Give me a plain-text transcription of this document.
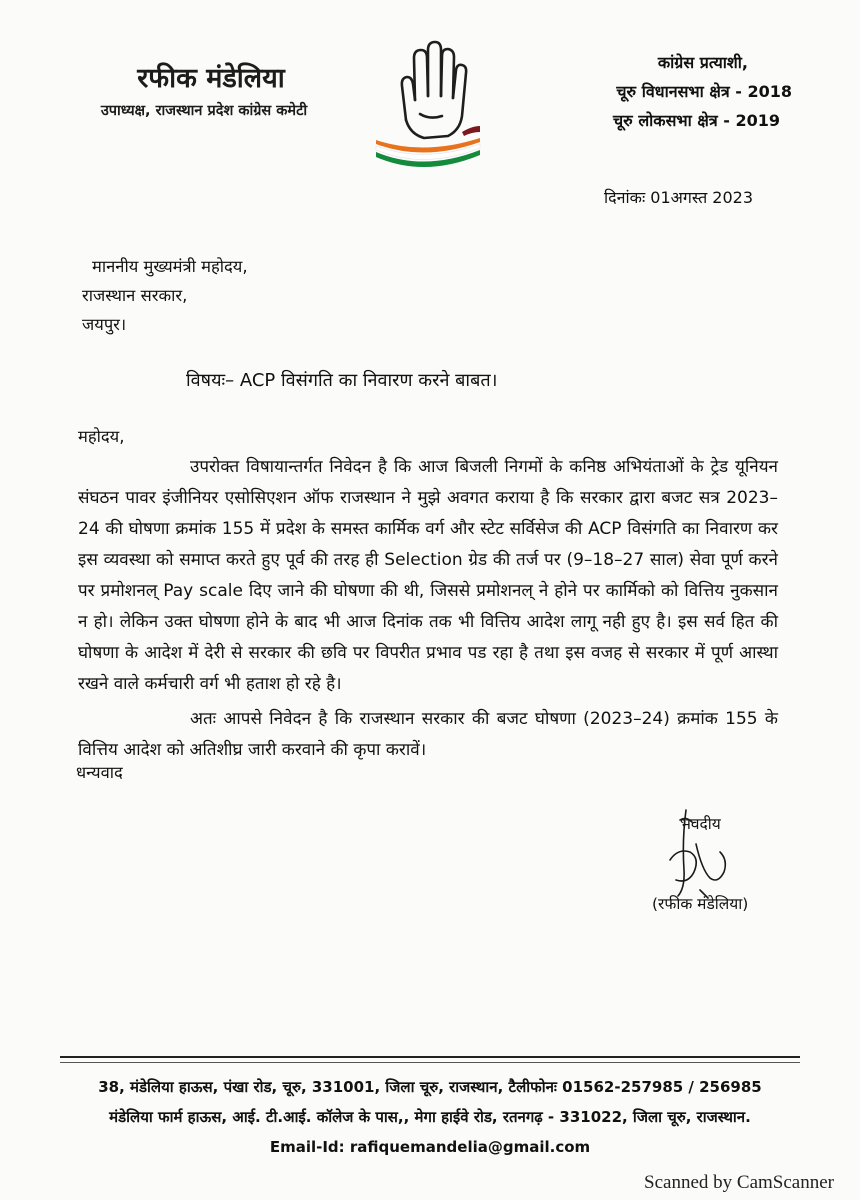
रफीक मंडेलिया
उपाध्यक्ष, राजस्थान प्रदेश कांग्रेस कमेटी
कांग्रेस प्रत्याशी,
चूरु विधानसभा क्षेत्र - 2018
चूरु लोकसभा क्षेत्र - 2019
दिनांकः 01अगस्त 2023
माननीय मुख्यमंत्री महोदय,
राजस्थान सरकार,
जयपुर।
विषयः– ACP विसंगति का निवारण करने बाबत।
महोदय,
उपरोक्त विषायान्तर्गत निवेदन है कि आज बिजली निगमों के कनिष्ठ अभियंताओं के ट्रेड यूनियन संघठन पावर इंजीनियर एसोसिएशन ऑफ राजस्थान ने मुझे अवगत कराया है कि सरकार द्वारा बजट सत्र 2023–24 की घोषणा क्रमांक 155 में प्रदेश के समस्त कार्मिक वर्ग और स्टेट सर्विसेज की ACP विसंगति का निवारण कर इस व्यवस्था को समाप्त करते हुए पूर्व की तरह ही Selection ग्रेड की तर्ज पर (9–18–27 साल) सेवा पूर्ण करने पर प्रमोशनल् Pay scale दिए जाने की घोषणा की थी, जिससे प्रमोशनल् ने होने पर कार्मिको को वित्तिय नुकसान न हो। लेकिन उक्त घोषणा होने के बाद भी आज दिनांक तक भी वित्तिय आदेश लागू नही हुए है। इस सर्व हित की घोषणा के आदेश में देरी से सरकार की छवि पर विपरीत प्रभाव पड रहा है तथा इस वजह से सरकार में पूर्ण आस्था रखने वाले कर्मचारी वर्ग भी हताश हो रहे है।
अतः आपसे निवेदन है कि राजस्थान सरकार की बजट घोषणा (2023–24) क्रमांक 155 के वित्तिय आदेश को अतिशीघ्र जारी करवाने की कृपा करावें।
धन्यवाद
भवदीय
(रफीक मंडेलिया)
38, मंडेलिया हाऊस, पंखा रोड, चूरु, 331001, जिला चूरु, राजस्थान, टैलीफोनः 01562-257985 / 256985
मंडेलिया फार्म हाऊस, आई. टी.आई. कॉलेज के पास,, मेगा हाईवे रोड, रतनगढ़ - 331022, जिला चूरु, राजस्थान.
Email-Id: rafiquemandelia@gmail.com
Scanned by CamScanner
